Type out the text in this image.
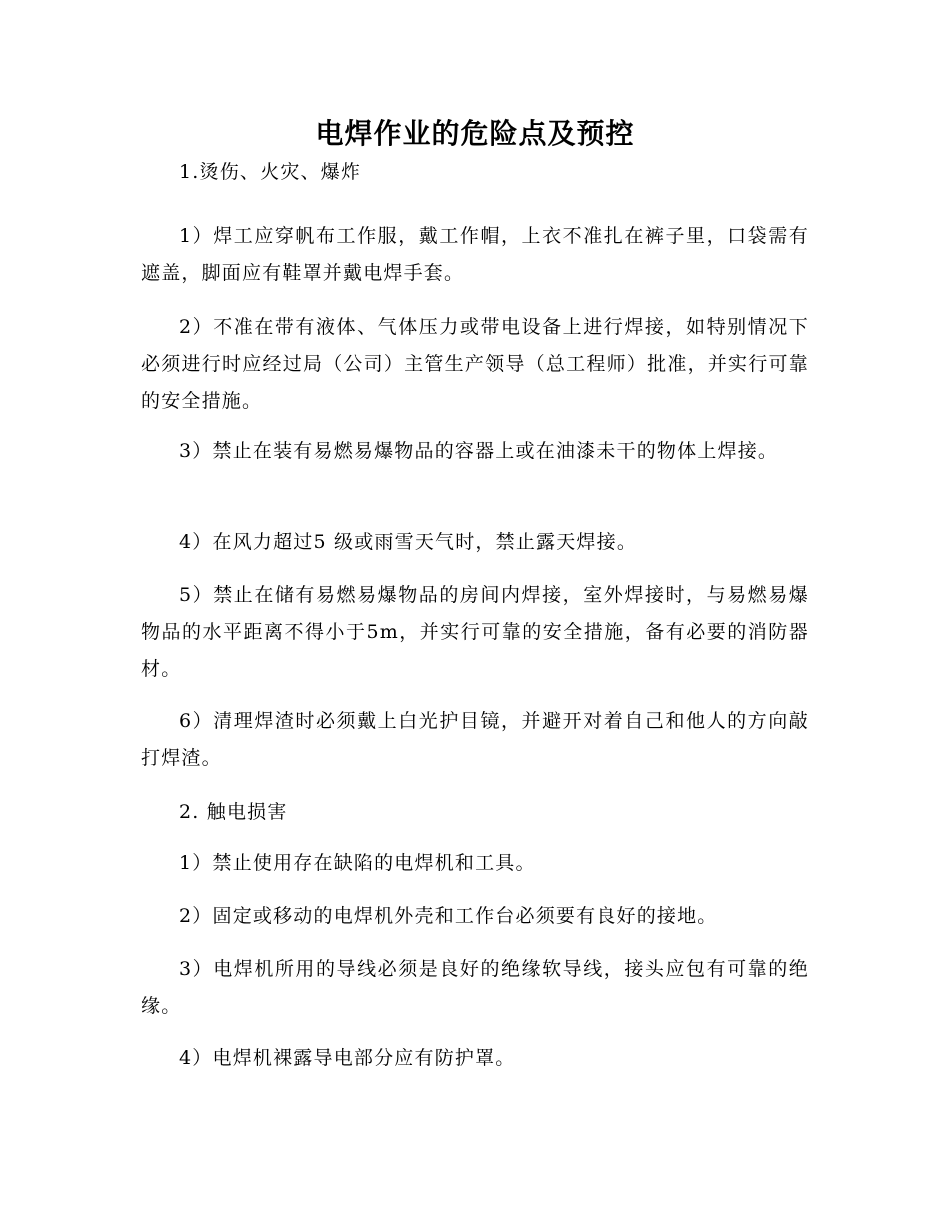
电焊作业的危险点及预控

1.烫伤、火灾、爆炸

1）焊工应穿帆布工作服，戴工作帽，上衣不准扎在裤子里，口袋需有遮盖，脚面应有鞋罩并戴电焊手套。

2）不准在带有液体、气体压力或带电设备上进行焊接，如特别情况下必须进行时应经过局（公司）主管生产领导（总工程师）批准，并实行可靠的安全措施。

3）禁止在装有易燃易爆物品的容器上或在油漆未干的物体上焊接。

4）在风力超过5 级或雨雪天气时，禁止露天焊接。

5）禁止在储有易燃易爆物品的房间内焊接，室外焊接时，与易燃易爆物品的水平距离不得小于5m，并实行可靠的安全措施，备有必要的消防器材。

6）清理焊渣时必须戴上白光护目镜，并避开对着自己和他人的方向敲打焊渣。

2. 触电损害

1）禁止使用存在缺陷的电焊机和工具。

2）固定或移动的电焊机外壳和工作台必须要有良好的接地。

3）电焊机所用的导线必须是良好的绝缘软导线，接头应包有可靠的绝缘。

4）电焊机裸露导电部分应有防护罩。
